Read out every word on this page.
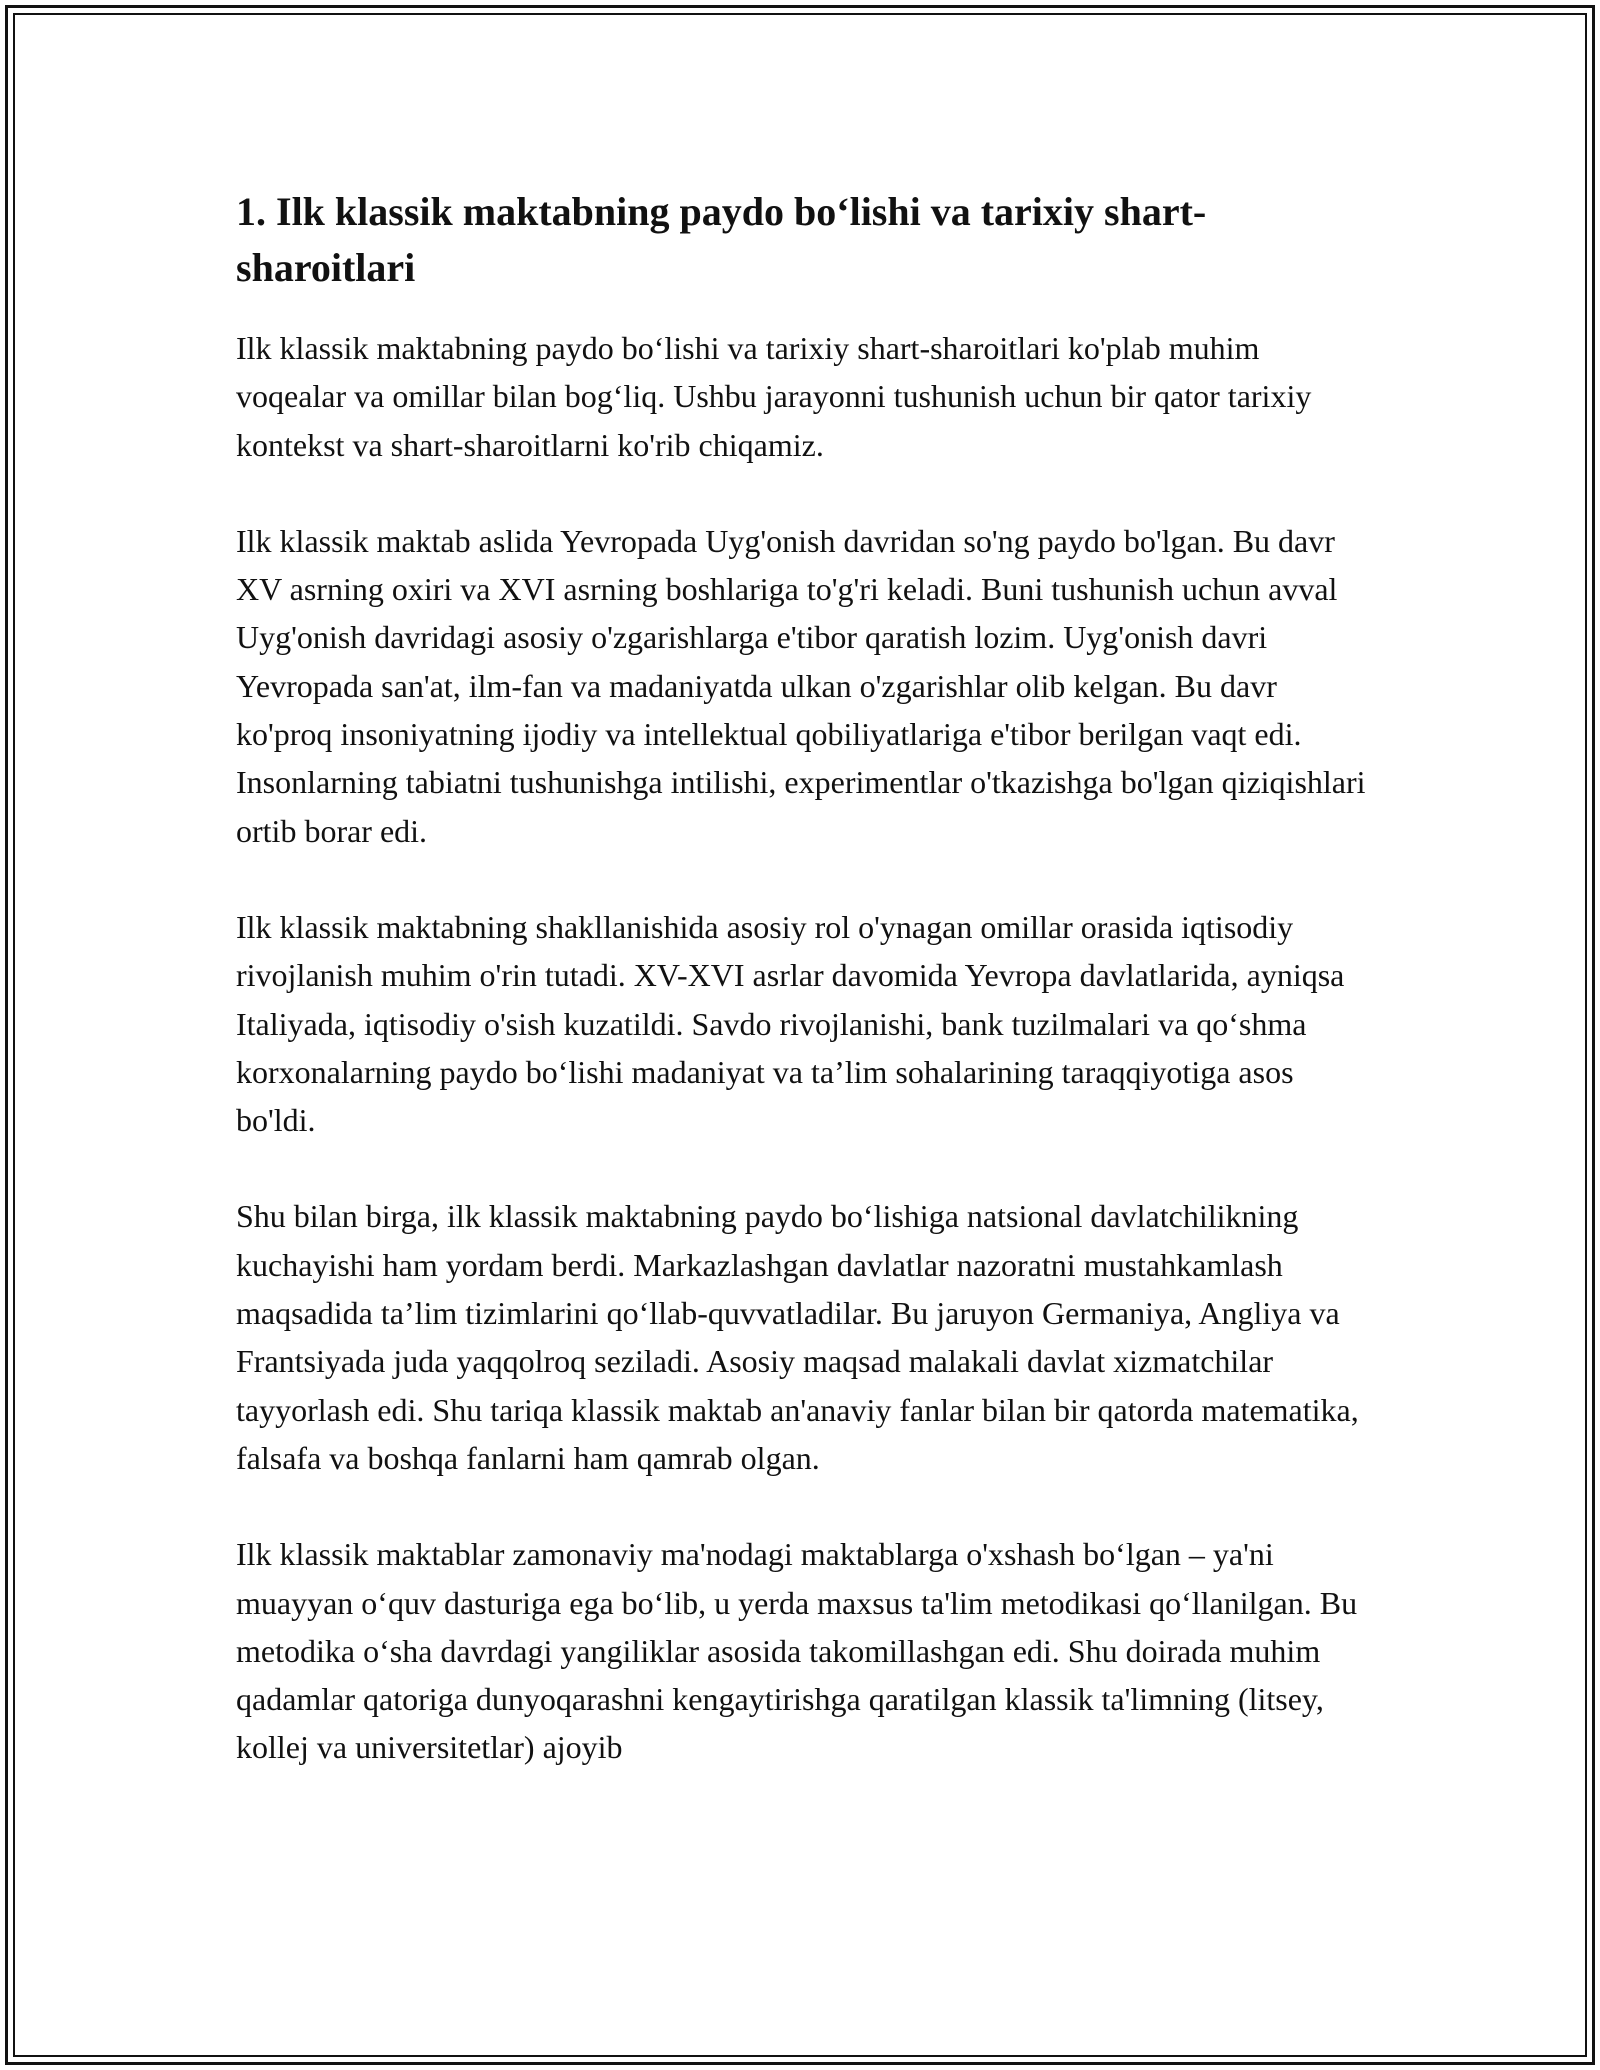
1. Ilk klassik maktabning paydo bo‘lishi va tarixiy shart-sharoitlari

Ilk klassik maktabning paydo bo‘lishi va tarixiy shart-sharoitlari ko'plab muhim voqealar va omillar bilan bog‘liq. Ushbu jarayonni tushunish uchun bir qator tarixiy kontekst va shart-sharoitlarni ko'rib chiqamiz.

Ilk klassik maktab aslida Yevropada Uyg'onish davridan so'ng paydo bo'lgan. Bu davr XV asrning oxiri va XVI asrning boshlariga to'g'ri keladi. Buni tushunish uchun avval Uyg'onish davridagi asosiy o'zgarishlarga e'tibor qaratish lozim. Uyg'onish davri Yevropada san'at, ilm-fan va madaniyatda ulkan o'zgarishlar olib kelgan. Bu davr ko'proq insoniyatning ijodiy va intellektual qobiliyatlariga e'tibor berilgan vaqt edi. Insonlarning tabiatni tushunishga intilishi, experimentlar o'tkazishga bo'lgan qiziqishlari ortib borar edi.

Ilk klassik maktabning shakllanishida asosiy rol o'ynagan omillar orasida iqtisodiy rivojlanish muhim o'rin tutadi. XV-XVI asrlar davomida Yevropa davlatlarida, ayniqsa Italiyada, iqtisodiy o'sish kuzatildi. Savdo rivojlanishi, bank tuzilmalari va qo‘shma korxonalarning paydo bo‘lishi madaniyat va ta’lim sohalarining taraqqiyotiga asos bo'ldi.

Shu bilan birga, ilk klassik maktabning paydo bo‘lishiga natsional davlatchilikning kuchayishi ham yordam berdi. Markazlashgan davlatlar nazoratni mustahkamlash maqsadida ta’lim tizimlarini qo‘llab-quvvatladilar. Bu jaruyon Germaniya, Angliya va Frantsiyada juda yaqqolroq seziladi. Asosiy maqsad malakali davlat xizmatchilar tayyorlash edi. Shu tariqa klassik maktab an'anaviy fanlar bilan bir qatorda matematika, falsafa va boshqa fanlarni ham qamrab olgan.

Ilk klassik maktablar zamonaviy ma'nodagi maktablarga o'xshash bo‘lgan – ya'ni muayyan o‘quv dasturiga ega bo‘lib, u yerda maxsus ta'lim metodikasi qo‘llanilgan. Bu metodika o‘sha davrdagi yangiliklar asosida takomillashgan edi. Shu doirada muhim qadamlar qatoriga dunyoqarashni kengaytirishga qaratilgan klassik ta'limning (litsey, kollej va universitetlar) ajoyib
